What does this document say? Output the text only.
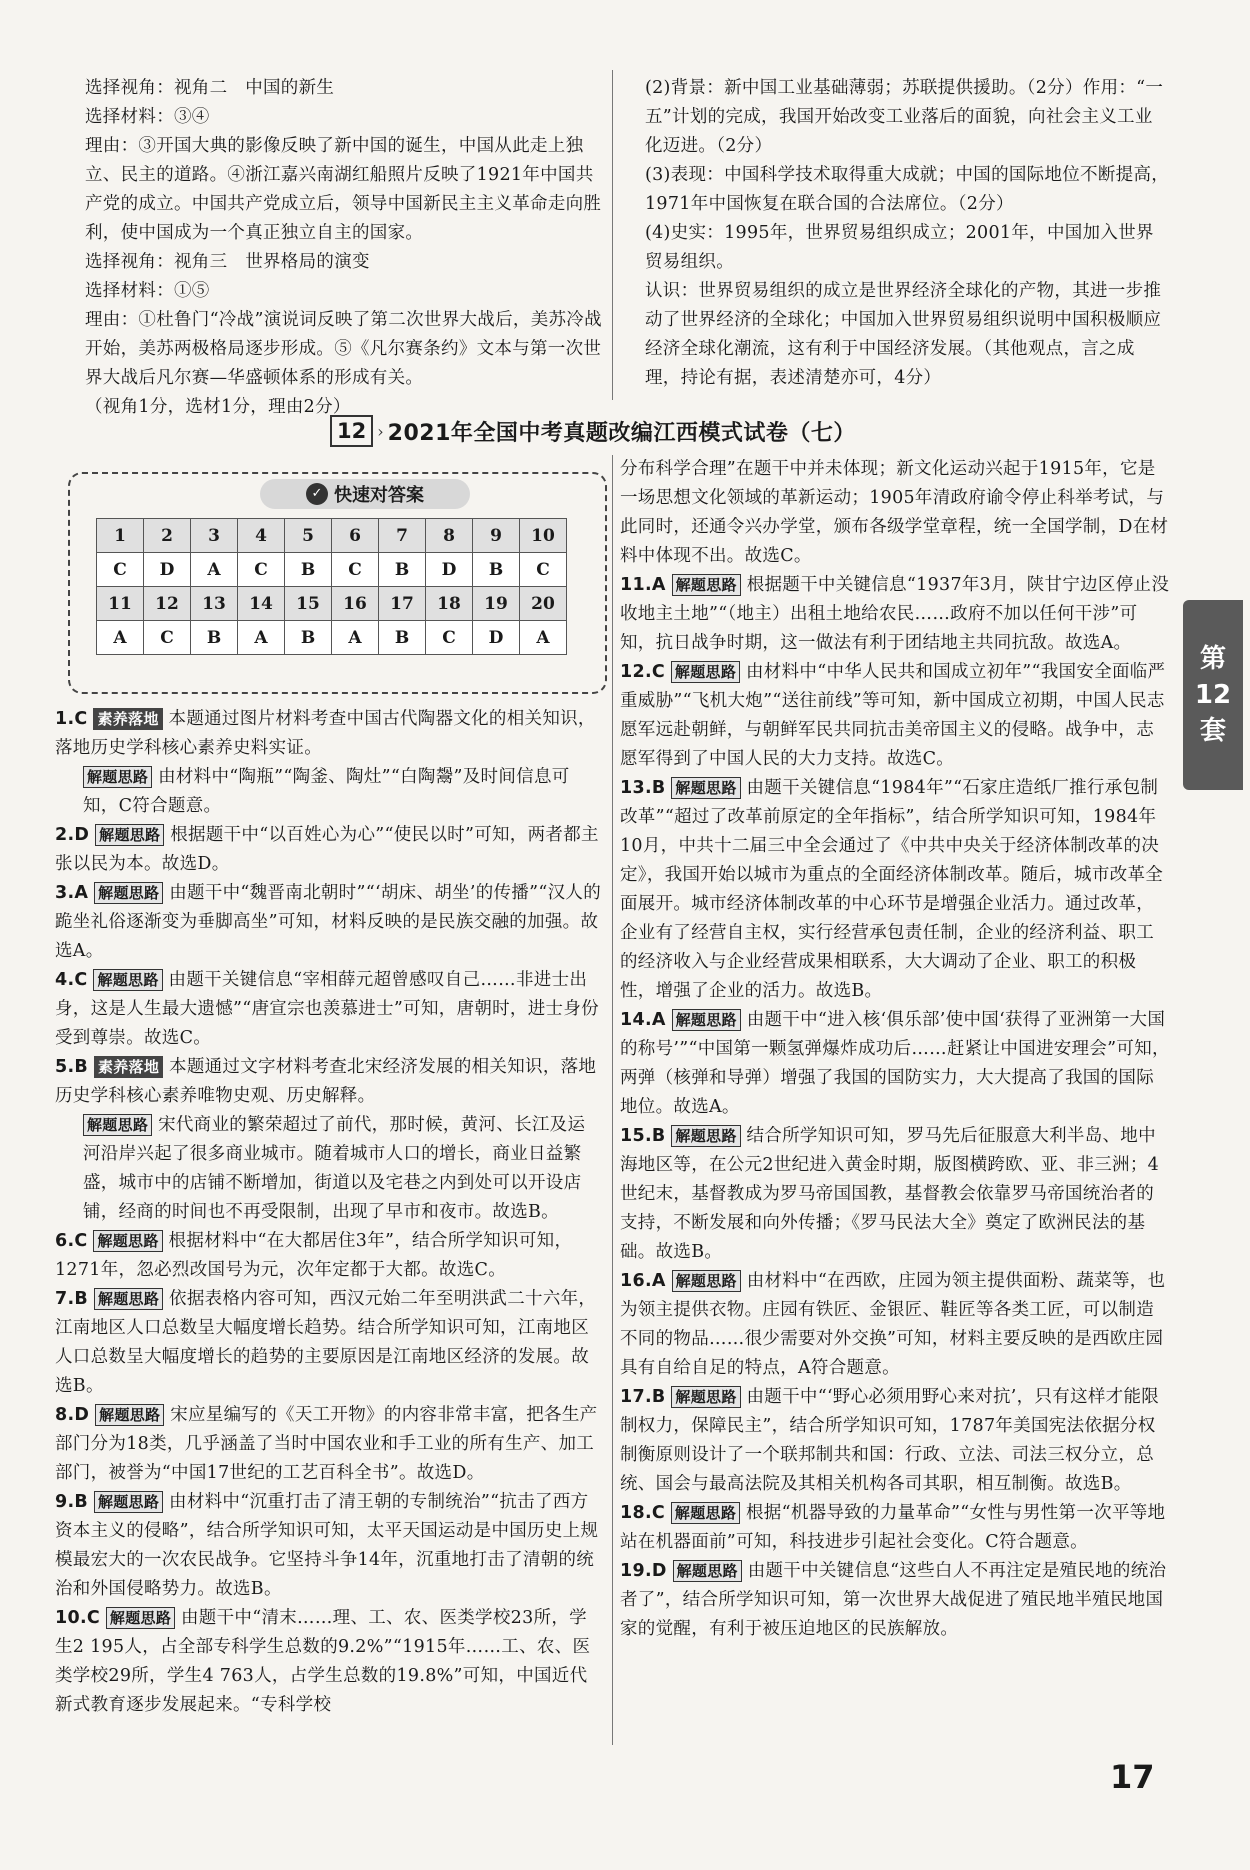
选择视角：视角二　中国的新生

选择材料：③④

理由：③开国大典的影像反映了新中国的诞生，中国从此走上独立、民主的道路。④浙江嘉兴南湖红船照片反映了1921年中国共产党的成立。中国共产党成立后，领导中国新民主主义革命走向胜利，使中国成为一个真正独立自主的国家。

选择视角：视角三　世界格局的演变

选择材料：①⑤

理由：①杜鲁门“冷战”演说词反映了第二次世界大战后，美苏冷战开始，美苏两极格局逐步形成。⑤《凡尔赛条约》文本与第一次世界大战后凡尔赛—华盛顿体系的形成有关。

（视角1分，选材1分，理由2分）

(2)背景：新中国工业基础薄弱；苏联提供援助。（2分）作用：“一五”计划的完成，我国开始改变工业落后的面貌，向社会主义工业化迈进。（2分）

(3)表现：中国科学技术取得重大成就；中国的国际地位不断提高，1971年中国恢复在联合国的合法席位。（2分）

(4)史实：1995年，世界贸易组织成立；2001年，中国加入世界贸易组织。

认识：世界贸易组织的成立是世界经济全球化的产物，其进一步推动了世界经济的全球化；中国加入世界贸易组织说明中国积极顺应经济全球化潮流，这有利于中国经济发展。（其他观点，言之成理，持论有据，表述清楚亦可，4分）

12 › 2021年全国中考真题改编江西模式试卷（七）
✓ 快速对答案
1	2	3	4	5	6	7	8	9	10
C	D	A	C	B	C	B	D	B	C
11	12	13	14	15	16	17	18	19	20
A	C	B	A	B	A	B	C	D	A

1.C 素养落地 本题通过图片材料考查中国古代陶器文化的相关知识，落地历史学科核心素养史料实证。

解题思路 由材料中“陶瓶”“陶釜、陶灶”“白陶鬶”及时间信息可知，C符合题意。

2.D 解题思路 根据题干中“以百姓心为心”“使民以时”可知，两者都主张以民为本。故选D。

3.A 解题思路 由题干中“魏晋南北朝时”“‘胡床、胡坐’的传播”“汉人的跪坐礼俗逐渐变为垂脚高坐”可知，材料反映的是民族交融的加强。故选A。

4.C 解题思路 由题干关键信息“宰相薛元超曾感叹自己……非进士出身，这是人生最大遗憾”“唐宣宗也羡慕进士”可知，唐朝时，进士身份受到尊崇。故选C。

5.B 素养落地 本题通过文字材料考查北宋经济发展的相关知识，落地历史学科核心素养唯物史观、历史解释。

解题思路 宋代商业的繁荣超过了前代，那时候，黄河、长江及运河沿岸兴起了很多商业城市。随着城市人口的增长，商业日益繁盛，城市中的店铺不断增加，街道以及宅巷之内到处可以开设店铺，经商的时间也不再受限制，出现了早市和夜市。故选B。

6.C 解题思路 根据材料中“在大都居住3年”，结合所学知识可知，1271年，忽必烈改国号为元，次年定都于大都。故选C。

7.B 解题思路 依据表格内容可知，西汉元始二年至明洪武二十六年，江南地区人口总数呈大幅度增长趋势。结合所学知识可知，江南地区人口总数呈大幅度增长的趋势的主要原因是江南地区经济的发展。故选B。

8.D 解题思路 宋应星编写的《天工开物》的内容非常丰富，把各生产部门分为18类，几乎涵盖了当时中国农业和手工业的所有生产、加工部门，被誉为“中国17世纪的工艺百科全书”。故选D。

9.B 解题思路 由材料中“沉重打击了清王朝的专制统治”“抗击了西方资本主义的侵略”，结合所学知识可知，太平天国运动是中国历史上规模最宏大的一次农民战争。它坚持斗争14年，沉重地打击了清朝的统治和外国侵略势力。故选B。

10.C 解题思路 由题干中“清末……理、工、农、医类学校23所，学生2 195人，占全部专科学生总数的9.2%”“1915年……工、农、医类学校29所，学生4 763人，占学生总数的19.8%”可知，中国近代新式教育逐步发展起来。“专科学校

分布科学合理”在题干中并未体现；新文化运动兴起于1915年，它是一场思想文化领域的革新运动；1905年清政府谕令停止科举考试，与此同时，还通令兴办学堂，颁布各级学堂章程，统一全国学制，D在材料中体现不出。故选C。

11.A 解题思路 根据题干中关键信息“1937年3月，陕甘宁边区停止没收地主土地”“（地主）出租土地给农民……政府不加以任何干涉”可知，抗日战争时期，这一做法有利于团结地主共同抗敌。故选A。

12.C 解题思路 由材料中“中华人民共和国成立初年”“我国安全面临严重威胁”“飞机大炮”“送往前线”等可知，新中国成立初期，中国人民志愿军远赴朝鲜，与朝鲜军民共同抗击美帝国主义的侵略。战争中，志愿军得到了中国人民的大力支持。故选C。

13.B 解题思路 由题干关键信息“1984年”“石家庄造纸厂推行承包制改革”“超过了改革前原定的全年指标”，结合所学知识可知，1984年10月，中共十二届三中全会通过了《中共中央关于经济体制改革的决定》，我国开始以城市为重点的全面经济体制改革。随后，城市改革全面展开。城市经济体制改革的中心环节是增强企业活力。通过改革，企业有了经营自主权，实行经营承包责任制，企业的经济利益、职工的经济收入与企业经营成果相联系，大大调动了企业、职工的积极性，增强了企业的活力。故选B。

14.A 解题思路 由题干中“进入核‘俱乐部’使中国‘获得了亚洲第一大国的称号’”“中国第一颗氢弹爆炸成功后……赶紧让中国进安理会”可知，两弹（核弹和导弹）增强了我国的国防实力，大大提高了我国的国际地位。故选A。

15.B 解题思路 结合所学知识可知，罗马先后征服意大利半岛、地中海地区等，在公元2世纪进入黄金时期，版图横跨欧、亚、非三洲；4世纪末，基督教成为罗马帝国国教，基督教会依靠罗马帝国统治者的支持，不断发展和向外传播；《罗马民法大全》奠定了欧洲民法的基础。故选B。

16.A 解题思路 由材料中“在西欧，庄园为领主提供面粉、蔬菜等，也为领主提供衣物。庄园有铁匠、金银匠、鞋匠等各类工匠，可以制造不同的物品……很少需要对外交换”可知，材料主要反映的是西欧庄园具有自给自足的特点，A符合题意。

17.B 解题思路 由题干中“‘野心必须用野心来对抗’，只有这样才能限制权力，保障民主”，结合所学知识可知，1787年美国宪法依据分权制衡原则设计了一个联邦制共和国：行政、立法、司法三权分立，总统、国会与最高法院及其相关机构各司其职，相互制衡。故选B。

18.C 解题思路 根据“机器导致的力量革命”“女性与男性第一次平等地站在机器面前”可知，科技进步引起社会变化。C符合题意。

19.D 解题思路 由题干中关键信息“这些白人不再注定是殖民地的统治者了”，结合所学知识可知，第一次世界大战促进了殖民地半殖民地国家的觉醒，有利于被压迫地区的民族解放。

第
12
套
17
